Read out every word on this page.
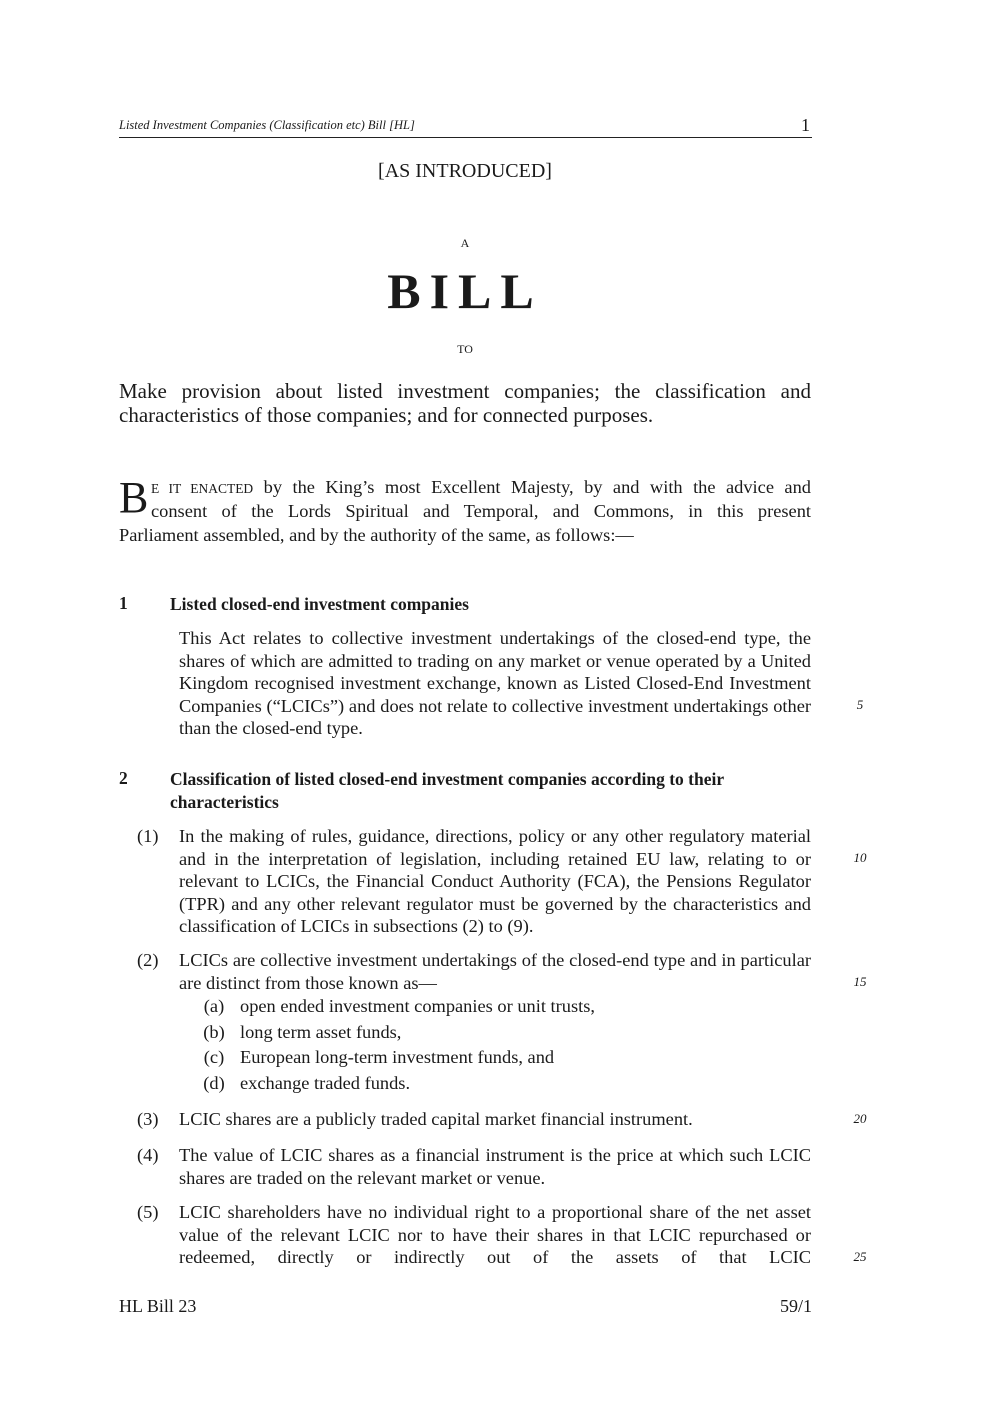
Listed Investment Companies (Classification etc) Bill [HL]	1
[AS INTRODUCED]
A
BILL
TO
Make provision about listed investment companies; the classification and characteristics of those companies; and for connected purposes.
B E IT ENACTED by the King’s most Excellent Majesty, by and with the advice and
consent of the Lords Spiritual and Temporal, and Commons, in this present
Parliament assembled, and by the authority of the same, as follows:—
1 Listed closed-end investment companies
This Act relates to collective investment undertakings of the closed-end type, the shares of which are admitted to trading on any market or venue operated by a United Kingdom recognised investment exchange, known as Listed Closed-End Investment Companies (“LCICs”) and does not relate to collective investment undertakings other than the closed-end type.
2 Classification of listed closed-end investment companies according to their characteristics
(1) In the making of rules, guidance, directions, policy or any other regulatory material and in the interpretation of legislation, including retained EU law, relating to or relevant to LCICs, the Financial Conduct Authority (FCA), the Pensions Regulator (TPR) and any other relevant regulator must be governed by the characteristics and classification of LCICs in subsections (2) to (9).
(2) LCICs are collective investment undertakings of the closed-end type and in particular are distinct from those known as—
(a) open ended investment companies or unit trusts,
(b) long term asset funds,
(c) European long-term investment funds, and
(d) exchange traded funds.
(3) LCIC shares are a publicly traded capital market financial instrument.
(4) The value of LCIC shares as a financial instrument is the price at which such LCIC shares are traded on the relevant market or venue.
(5) LCIC shareholders have no individual right to a proportional share of the net asset value of the relevant LCIC nor to have their shares in that LCIC repurchased or redeemed, directly or indirectly out of the assets of that LCIC
5
10
15
20
25
HL Bill 23	59/1
